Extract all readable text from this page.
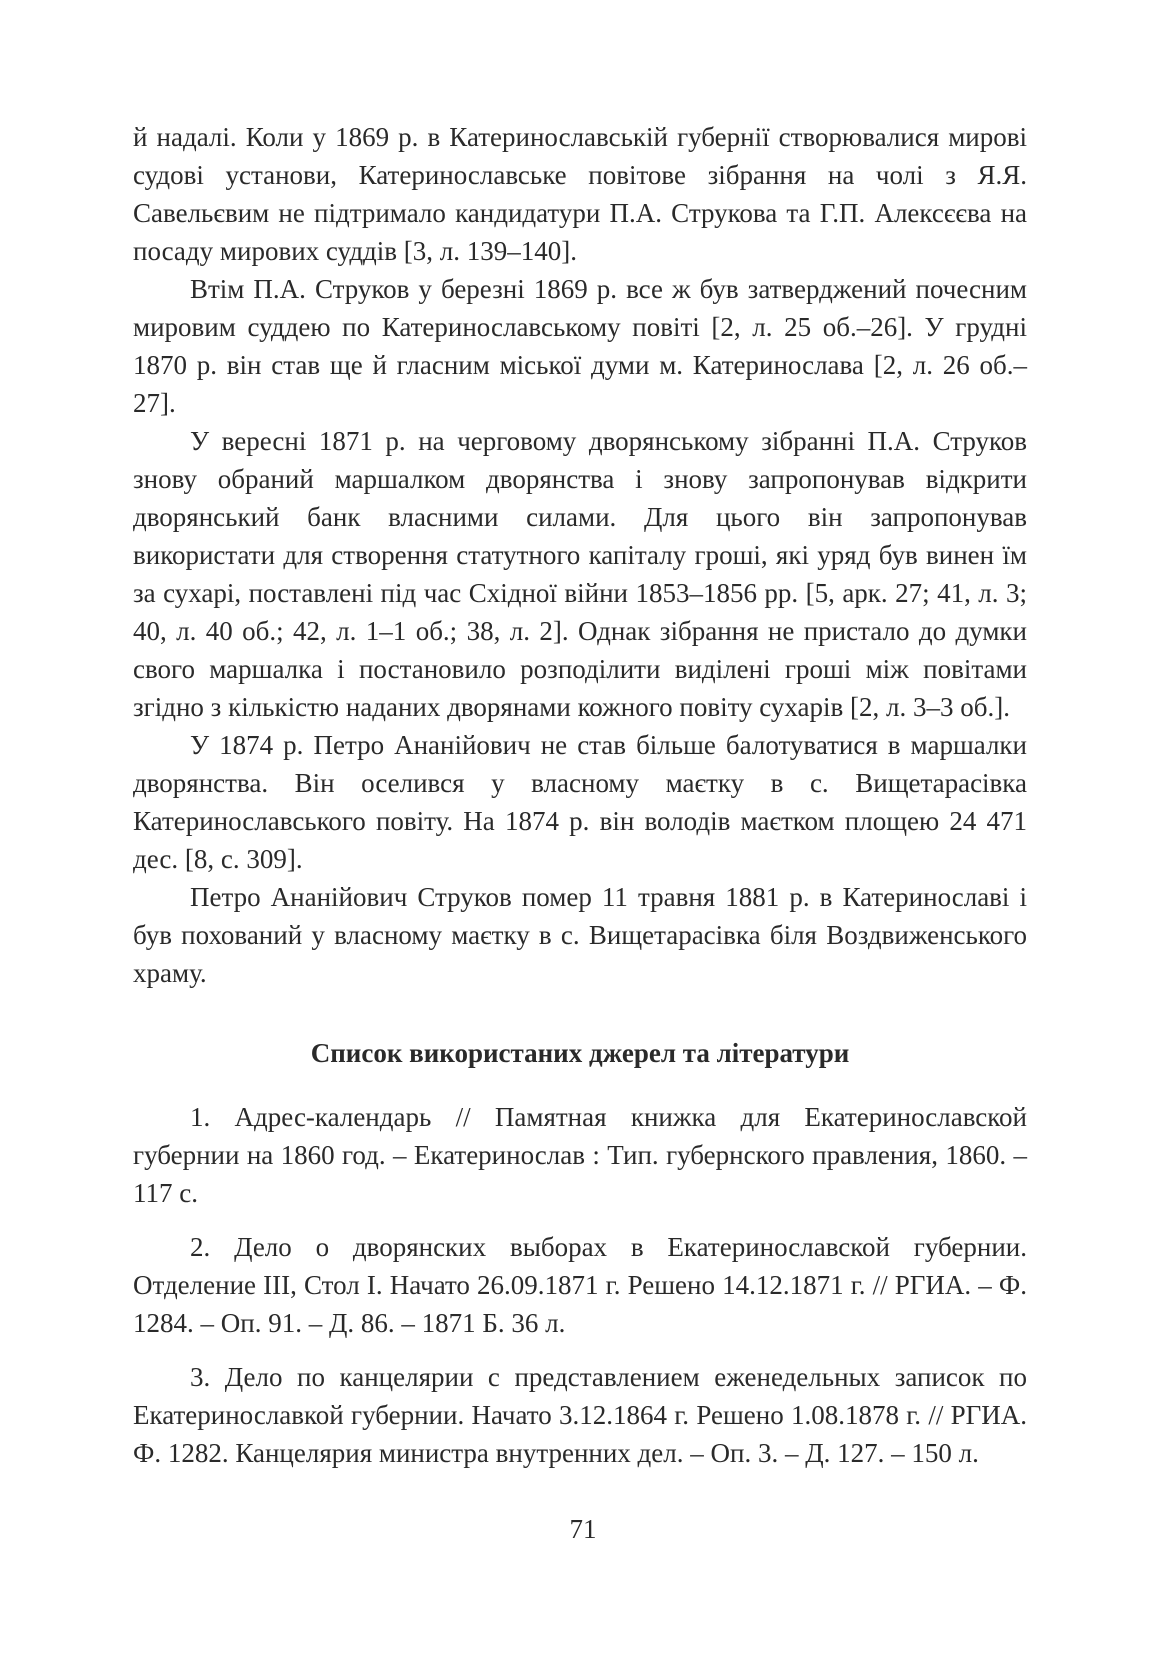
й надалі. Коли у 1869 р. в Катеринославській губернії створювалися мирові судові установи, Катеринославське повітове зібрання на чолі з Я.Я. Савельєвим не підтримало кандидатури П.А. Струкова та Г.П. Алексєєва на посаду мирових суддів [3, л. 139–140].

Втім П.А. Струков у березні 1869 р. все ж був затверджений почесним мировим суддею по Катеринославському повіті [2, л. 25 об.–26]. У грудні 1870 р. він став ще й гласним міської думи м. Катеринослава [2, л. 26 об.–27].

У вересні 1871 р. на черговому дворянському зібранні П.А. Струков знову обраний маршалком дворянства і знову запропонував відкрити дворянський банк власними силами. Для цього він запропонував використати для створення статутного капіталу гроші, які уряд був винен їм за сухарі, поставлені під час Східної війни 1853–1856 рр. [5, арк. 27; 41, л. 3; 40, л. 40 об.; 42, л. 1–1 об.; 38, л. 2]. Однак зібрання не пристало до думки свого маршалка і постановило розподілити виділені гроші між повітами згідно з кількістю наданих дворянами кожного повіту сухарів [2, л. 3–3 об.].

У 1874 р. Петро Ананійович не став більше балотуватися в маршалки дворянства. Він оселився у власному маєтку в с. Вищетарасівка Катеринославського повіту. На 1874 р. він володів маєтком площею 24 471 дес. [8, с. 309].

Петро Ананійович Струков помер 11 травня 1881 р. в Катеринославі і був похований у власному маєтку в с. Вищетарасівка біля Воздвиженського храму.

Список використаних джерел та літератури

1. Адрес-календарь // Памятная книжка для Екатеринославской губернии на 1860 год. – Екатеринослав : Тип. губернского правления, 1860. – 117 с.

2. Дело о дворянских выборах в Екатеринославской губернии. Отделение III, Стол I. Начато 26.09.1871 г. Решено 14.12.1871 г. // РГИА. – Ф. 1284. – Оп. 91. – Д. 86. – 1871 Б. 36 л.

3. Дело по канцелярии с представлением еженедельных записок по Екатеринославкой губернии. Начато 3.12.1864 г. Решено 1.08.1878 г. // РГИА. Ф. 1282. Канцелярия министра внутренних дел. – Оп. 3. – Д. 127. – 150 л.

71
